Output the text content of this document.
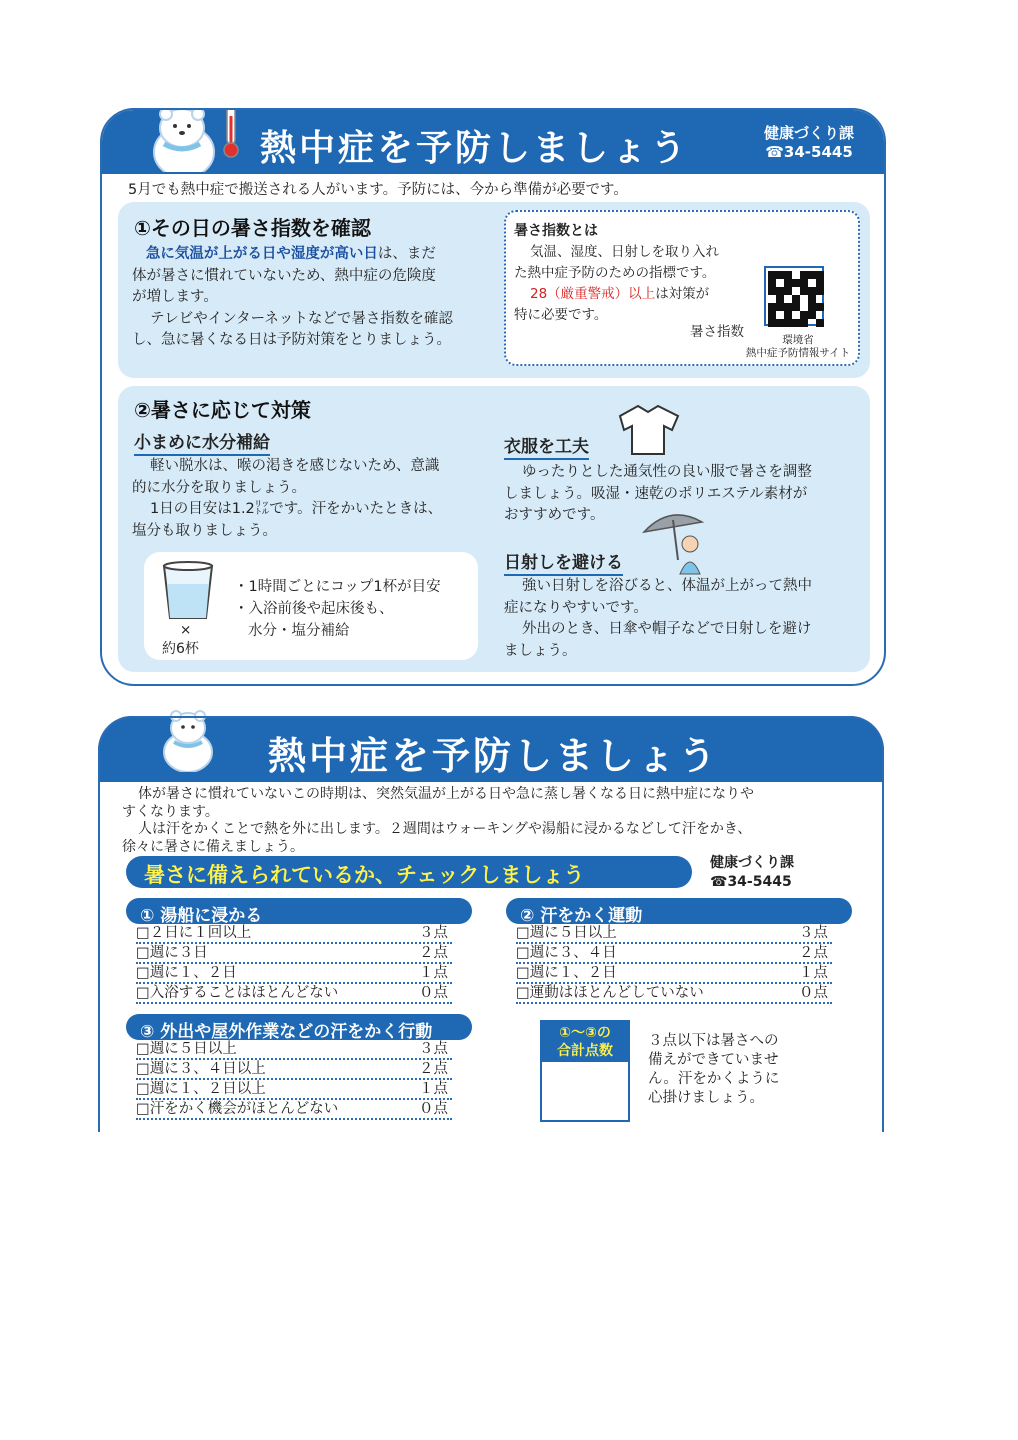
熱中症を予防しましょう	健康づくり課
☎34-5445
5月でも熱中症で搬送される人がいます。予防には、今から準備が必要です。
①その日の暑さ指数を確認
急に気温が上がる日や湿度が高い日は、まだ
体が暑さに慣れていないため、熱中症の危険度
が増します。
テレビやインターネットなどで暑さ指数を確認
し、急に暑くなる日は予防対策をとりましょう。
暑さ指数とは
気温、湿度、日射しを取り入れ
た熱中症予防のための指標です。
28（厳重警戒）以上は対策が
特に必要です。
暑さ指数	環境省
熱中症予防情報サイト
②暑さに応じて対策
小まめに水分補給
軽い脱水は、喉の渇きを感じないため、意識
的に水分を取りましょう。
1日の目安は1.2㍑です。汗をかいたときは、
塩分も取りましょう。
×
約6杯
・1時間ごとにコップ1杯が目安
・入浴前後や起床後も、
水分・塩分補給
衣服を工夫
ゆったりとした通気性の良い服で暑さを調整
しましょう。吸湿・速乾のポリエステル素材が
おすすめです。
日射しを避ける
強い日射しを浴びると、体温が上がって熱中
症になりやすいです。
外出のとき、日傘や帽子などで日射しを避け
ましょう。
熱中症を予防しましょう
体が暑さに慣れていないこの時期は、突然気温が上がる日や急に蒸し暑くなる日に熱中症になりや
すくなります。
人は汗をかくことで熱を外に出します。２週間はウォーキングや湯船に浸かるなどして汗をかき、
徐々に暑さに備えましょう。
暑さに備えられているか、チェックしましょう	健康づくり課
☎34-5445
① 湯船に浸かる
□２日に１回以上	３点
□週に３日	２点
□週に１、２日	１点
□入浴することはほとんどない	０点
② 汗をかく運動
□週に５日以上	３点
□週に３、４日	２点
□週に１、２日	１点
□運動はほとんどしていない	０点
③ 外出や屋外作業などの汗をかく行動
□週に５日以上	３点
□週に３、４日以上	２点
□週に１、２日以上	１点
□汗をかく機会がほとんどない	０点
①～③の
合計点数
３点以下は暑さへの
備えができていませ
ん。汗をかくように
心掛けましょう。
